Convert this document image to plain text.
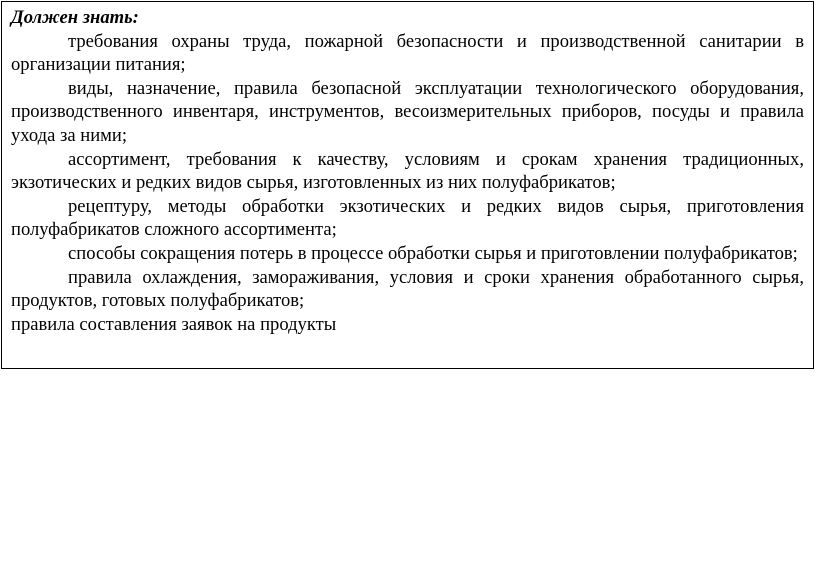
Должен знать:

требования охраны труда, пожарной безопасности и производственной санитарии в организации питания;

виды, назначение, правила безопасной эксплуатации технологического оборудования, производственного инвентаря, инструментов, весоизмерительных приборов, посуды и правила ухода за ними;

ассортимент, требования к качеству, условиям и срокам хранения традиционных, экзотических и редких видов сырья, изготовленных из них полуфабрикатов;

рецептуру, методы обработки экзотических и редких видов сырья, приготовления полуфабрикатов сложного ассортимента;

способы сокращения потерь в процессе обработки сырья и приготовлении полуфабрикатов;

правила охлаждения, замораживания, условия и сроки хранения обработанного сырья, продуктов, готовых полуфабрикатов;

правила составления заявок на продукты
